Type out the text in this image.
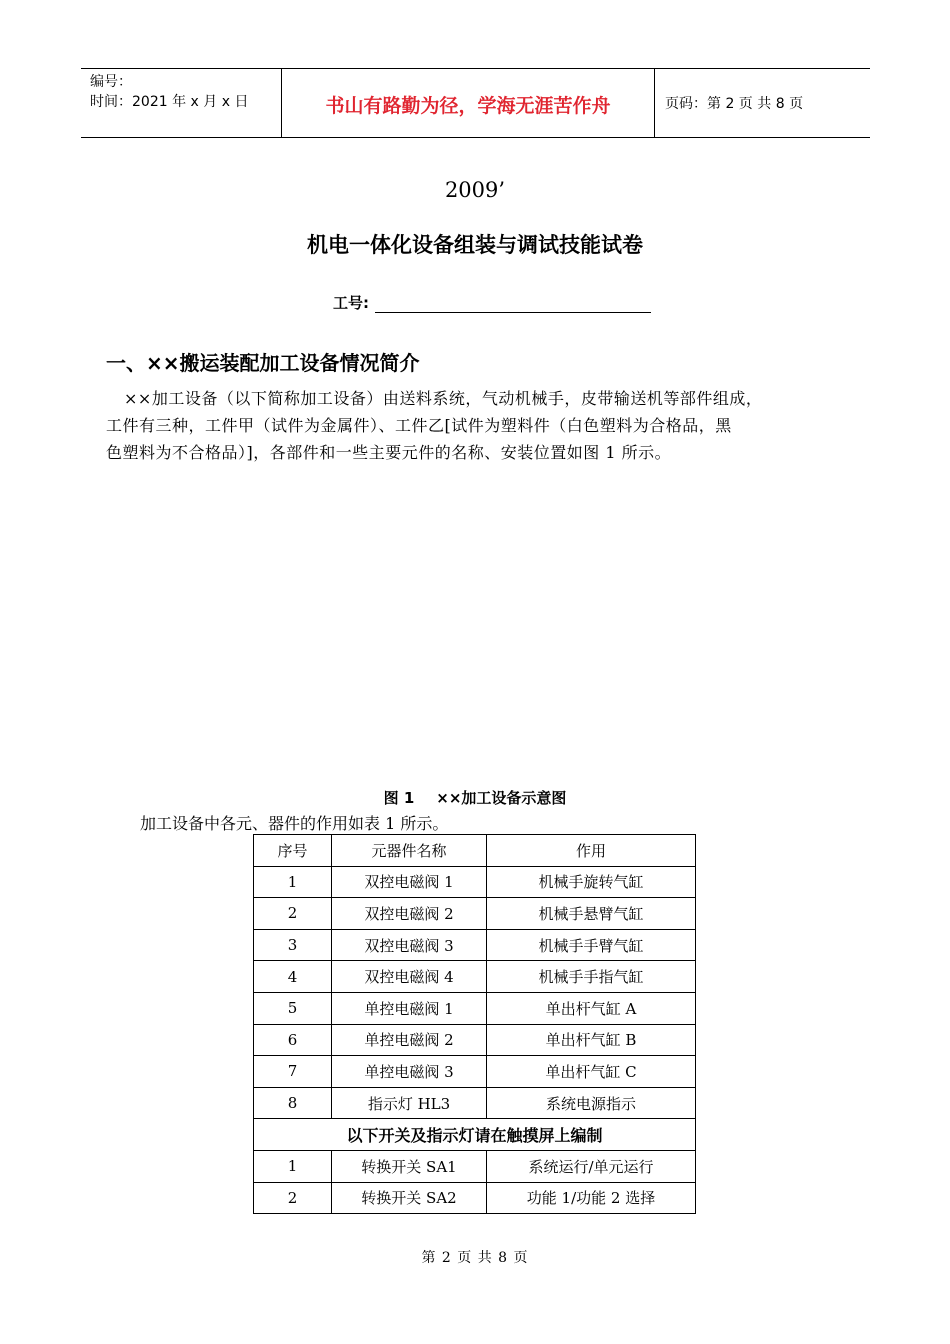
编号：
时间：2021 年 x 月 x 日	书山有路勤为径，学海无涯苦作舟	页码：第 2 页 共 8 页
2009’
机电一体化设备组装与调试技能试卷
工号:
一、××搬运装配加工设备情况简介
××加工设备（以下简称加工设备）由送料系统，气动机械手，皮带输送机等部件组成，
工件有三种，工件甲（试件为金属件）、工件乙[试件为塑料件（白色塑料为合格品，黑
色塑料为不合格品）]，各部件和一些主要元件的名称、安装位置如图 1 所示。
图 1 ××加工设备示意图
加工设备中各元、器件的作用如表 1 所示。
序号	元器件名称	作用
1	双控电磁阀 1	机械手旋转气缸
2	双控电磁阀 2	机械手悬臂气缸
3	双控电磁阀 3	机械手手臂气缸
4	双控电磁阀 4	机械手手指气缸
5	单控电磁阀 1	单出杆气缸 A
6	单控电磁阀 2	单出杆气缸 B
7	单控电磁阀 3	单出杆气缸 C
8	指示灯 HL3	系统电源指示
以下开关及指示灯请在触摸屏上编制		
1	转换开关 SA1	系统运行/单元运行
2	转换开关 SA2	功能 1/功能 2 选择
第 2 页 共 8 页
